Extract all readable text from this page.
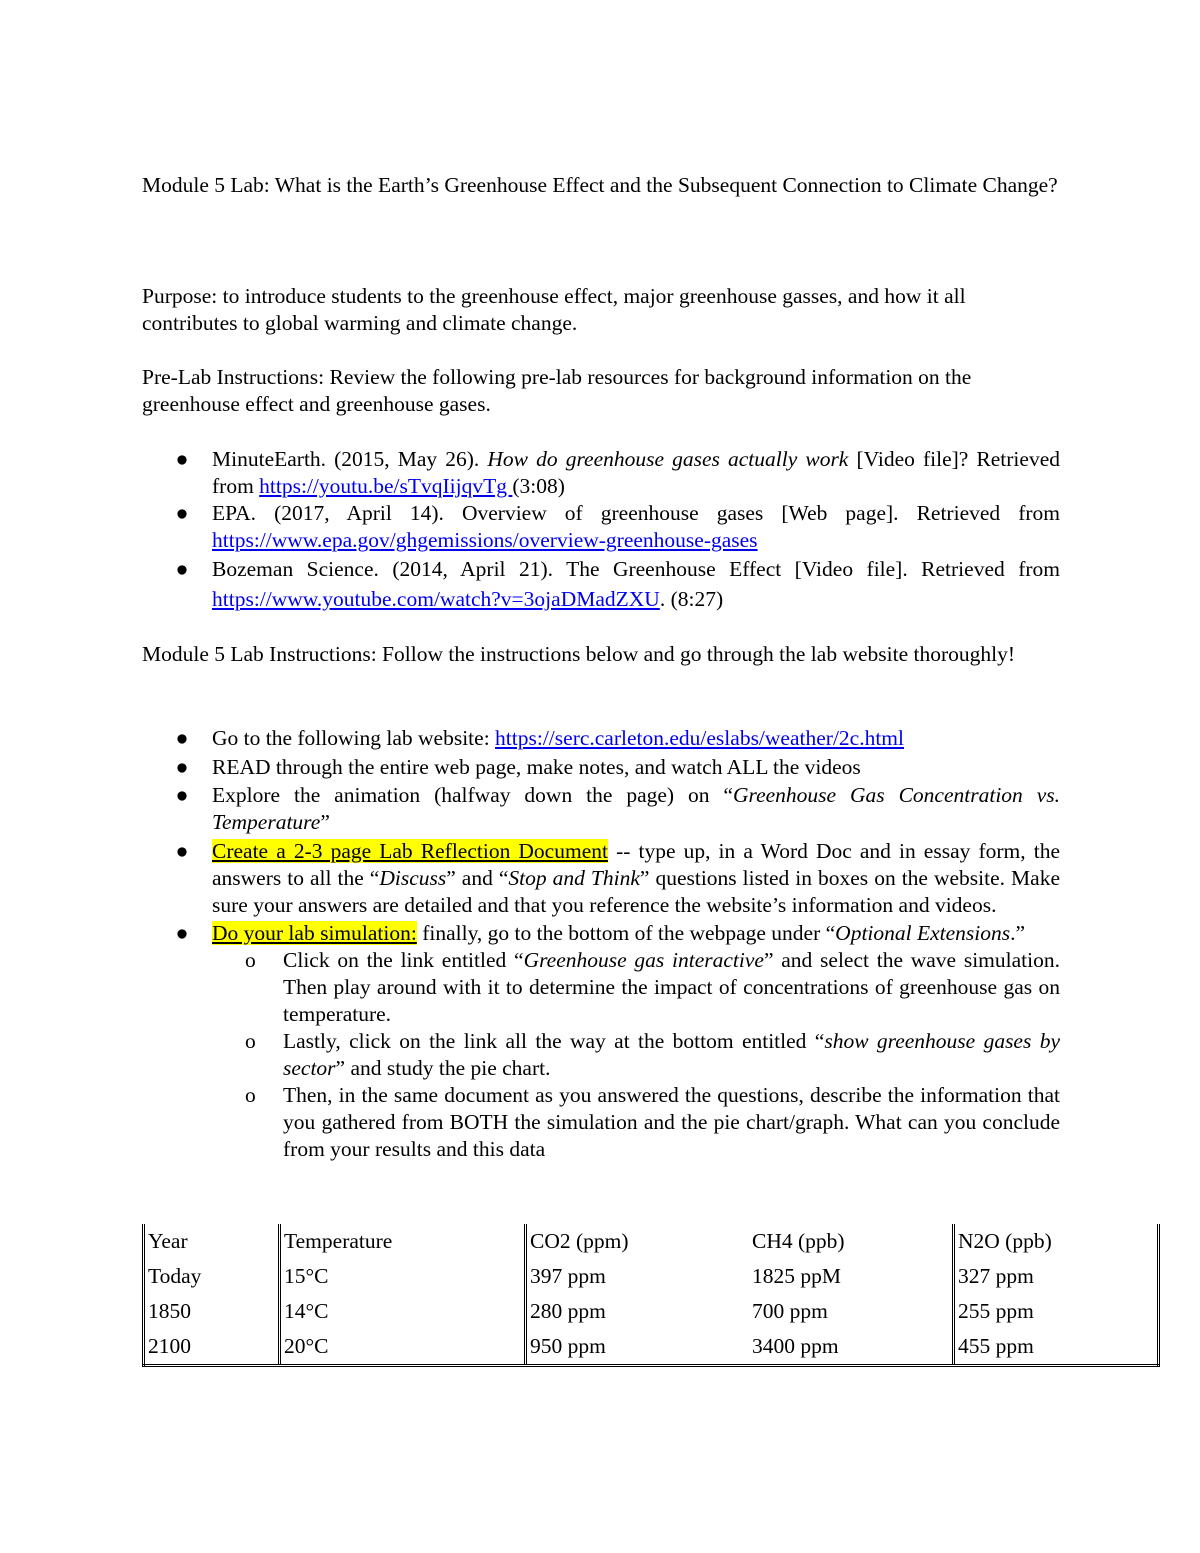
Module 5 Lab: What is the Earth’s Greenhouse Effect and the Subsequent Connection to Climate Change?
Purpose: to introduce students to the greenhouse effect, major greenhouse gasses, and how it all contributes to global warming and climate change.
Pre-Lab Instructions: Review the following pre-lab resources for background information on the greenhouse effect and greenhouse gases.
● MinuteEarth. (2015, May 26). How do greenhouse gases actually work [Video file]? Retrieved from https://youtu.be/sTvqIijqvTg (3:08)
● EPA. (2017, April 14). Overview of greenhouse gases [Web page]. Retrieved from https://www.epa.gov/ghgemissions/overview-greenhouse-gases
● Bozeman Science. (2014, April 21). The Greenhouse Effect [Video file]. Retrieved from https://www.youtube.com/watch?v=3ojaDMadZXU. (8:27)
Module 5 Lab Instructions: Follow the instructions below and go through the lab website thoroughly!
● Go to the following lab website: https://serc.carleton.edu/eslabs/weather/2c.html
● READ through the entire web page, make notes, and watch ALL the videos
● Explore the animation (halfway down the page) on “Greenhouse Gas Concentration vs. Temperature”
● Create a 2-3 page Lab Reflection Document -- type up, in a Word Doc and in essay form, the answers to all the “Discuss” and “Stop and Think” questions listed in boxes on the website. Make sure your answers are detailed and that you reference the website’s information and videos.
● Do your lab simulation: finally, go to the bottom of the webpage under “Optional Extensions.”
o Click on the link entitled “Greenhouse gas interactive” and select the wave simulation. Then play around with it to determine the impact of concentrations of greenhouse gas on temperature.
o Lastly, click on the link all the way at the bottom entitled “show greenhouse gases by sector” and study the pie chart.
o Then, in the same document as you answered the questions, describe the information that you gathered from BOTH the simulation and the pie chart/graph. What can you conclude from your results and this data
Year	Temperature	CO2 (ppm)	CH4 (ppb)	N2O (ppb)
Today	15°C	397 ppm	1825 ppM	327 ppm
1850	14°C	280 ppm	700 ppm	255 ppm
2100	20°C	950 ppm	3400 ppm	455 ppm
